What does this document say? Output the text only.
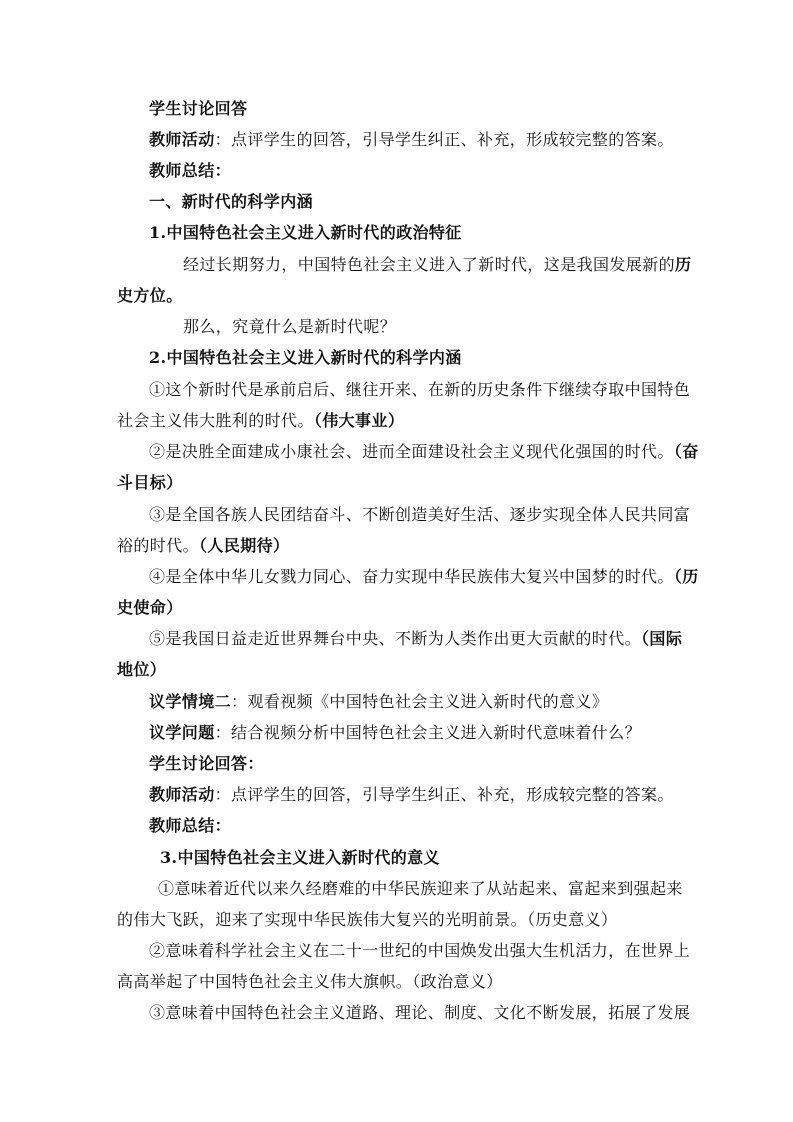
学生讨论回答
教师活动：点评学生的回答，引导学生纠正、补充，形成较完整的答案。
教师总结：
一、新时代的科学内涵
1.中国特色社会主义进入新时代的政治特征
经过长期努力，中国特色社会主义进入了新时代，这是我国发展新的历
史方位。
那么，究竟什么是新时代呢？
2.中国特色社会主义进入新时代的科学内涵
①这个新时代是承前启后、继往开来、在新的历史条件下继续夺取中国特色
社会主义伟大胜利的时代。（伟大事业）
②是决胜全面建成小康社会、进而全面建设社会主义现代化强国的时代。（奋
斗目标）
③是全国各族人民团结奋斗、不断创造美好生活、逐步实现全体人民共同富
裕的时代。（人民期待）
④是全体中华儿女戮力同心、奋力实现中华民族伟大复兴中国梦的时代。（历
史使命）
⑤是我国日益走近世界舞台中央、不断为人类作出更大贡献的时代。（国际
地位）
议学情境二：观看视频《中国特色社会主义进入新时代的意义》
议学问题：结合视频分析中国特色社会主义进入新时代意味着什么？
学生讨论回答：
教师活动：点评学生的回答，引导学生纠正、补充，形成较完整的答案。
教师总结：
3.中国特色社会主义进入新时代的意义
①意味着近代以来久经磨难的中华民族迎来了从站起来、富起来到强起来
的伟大飞跃，迎来了实现中华民族伟大复兴的光明前景。（历史意义）
②意味着科学社会主义在二十一世纪的中国焕发出强大生机活力，在世界上
高高举起了中国特色社会主义伟大旗帜。（政治意义）
③意味着中国特色社会主义道路、理论、制度、文化不断发展，拓展了发展
